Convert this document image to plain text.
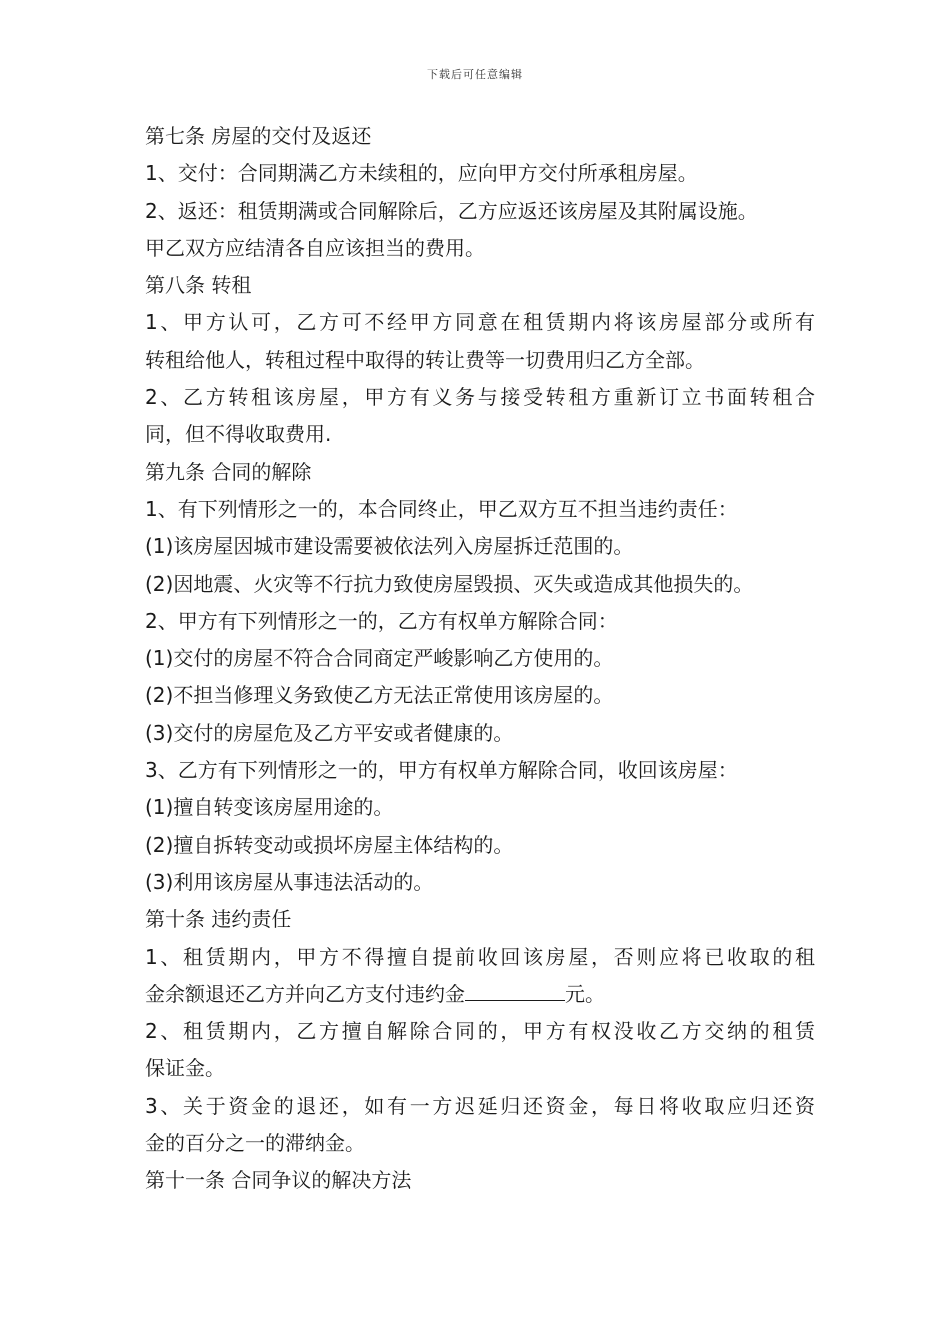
下载后可任意编辑
第七条 房屋的交付及返还
1、交付：合同期满乙方未续租的，应向甲方交付所承租房屋。
2、返还：租赁期满或合同解除后，乙方应返还该房屋及其附属设施。
甲乙双方应结清各自应该担当的费用。
第八条 转租
1、甲方认可，乙方可不经甲方同意在租赁期内将该房屋部分或所有
转租给他人，转租过程中取得的转让费等一切费用归乙方全部。
2、乙方转租该房屋，甲方有义务与接受转租方重新订立书面转租合
同，但不得收取费用.
第九条 合同的解除
1、有下列情形之一的，本合同终止，甲乙双方互不担当违约责任：
(1)该房屋因城市建设需要被依法列入房屋拆迁范围的。
(2)因地震、火灾等不行抗力致使房屋毁损、灭失或造成其他损失的。
2、甲方有下列情形之一的，乙方有权单方解除合同：
(1)交付的房屋不符合合同商定严峻影响乙方使用的。
(2)不担当修理义务致使乙方无法正常使用该房屋的。
(3)交付的房屋危及乙方平安或者健康的。
3、乙方有下列情形之一的，甲方有权单方解除合同，收回该房屋：
(1)擅自转变该房屋用途的。
(2)擅自拆转变动或损坏房屋主体结构的。
(3)利用该房屋从事违法活动的。
第十条 违约责任
1、租赁期内，甲方不得擅自提前收回该房屋，否则应将已收取的租
金余额退还乙方并向乙方支付违约金	元。
2、租赁期内，乙方擅自解除合同的，甲方有权没收乙方交纳的租赁
保证金。
3、关于资金的退还，如有一方迟延归还资金，每日将收取应归还资
金的百分之一的滞纳金。
第十一条 合同争议的解决方法
